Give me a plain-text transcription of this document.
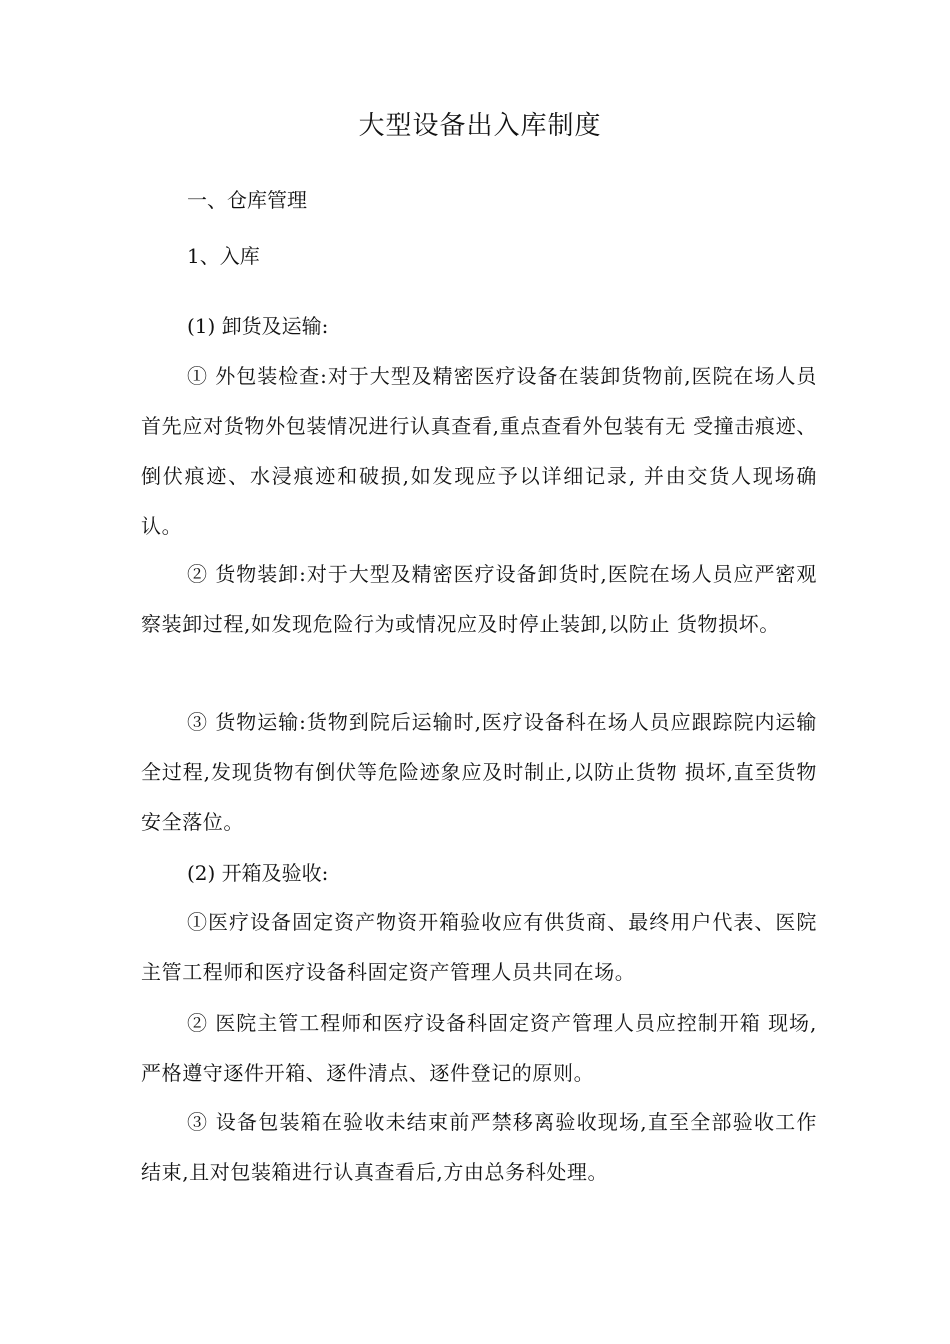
大型设备出入库制度
一、仓库管理
1、入库
(1) 卸货及运输:
① 外包装检查:对于大型及精密医疗设备在装卸货物前,医院在场人员首先应对货物外包装情况进行认真查看,重点查看外包装有无 受撞击痕迹、倒伏痕迹、水浸痕迹和破损,如发现应予以详细记录, 并由交货人现场确认。
② 货物装卸:对于大型及精密医疗设备卸货时,医院在场人员应严密观察装卸过程,如发现危险行为或情况应及时停止装卸,以防止 货物损坏。
③ 货物运输:货物到院后运输时,医疗设备科在场人员应跟踪院内运输全过程,发现货物有倒伏等危险迹象应及时制止,以防止货物 损坏,直至货物安全落位。
(2) 开箱及验收:
①医疗设备固定资产物资开箱验收应有供货商、最终用户代表、医院主管工程师和医疗设备科固定资产管理人员共同在场。
② 医院主管工程师和医疗设备科固定资产管理人员应控制开箱 现场,严格遵守逐件开箱、逐件清点、逐件登记的原则。
③ 设备包装箱在验收未结束前严禁移离验收现场,直至全部验收工作结束,且对包装箱进行认真查看后,方由总务科处理。
